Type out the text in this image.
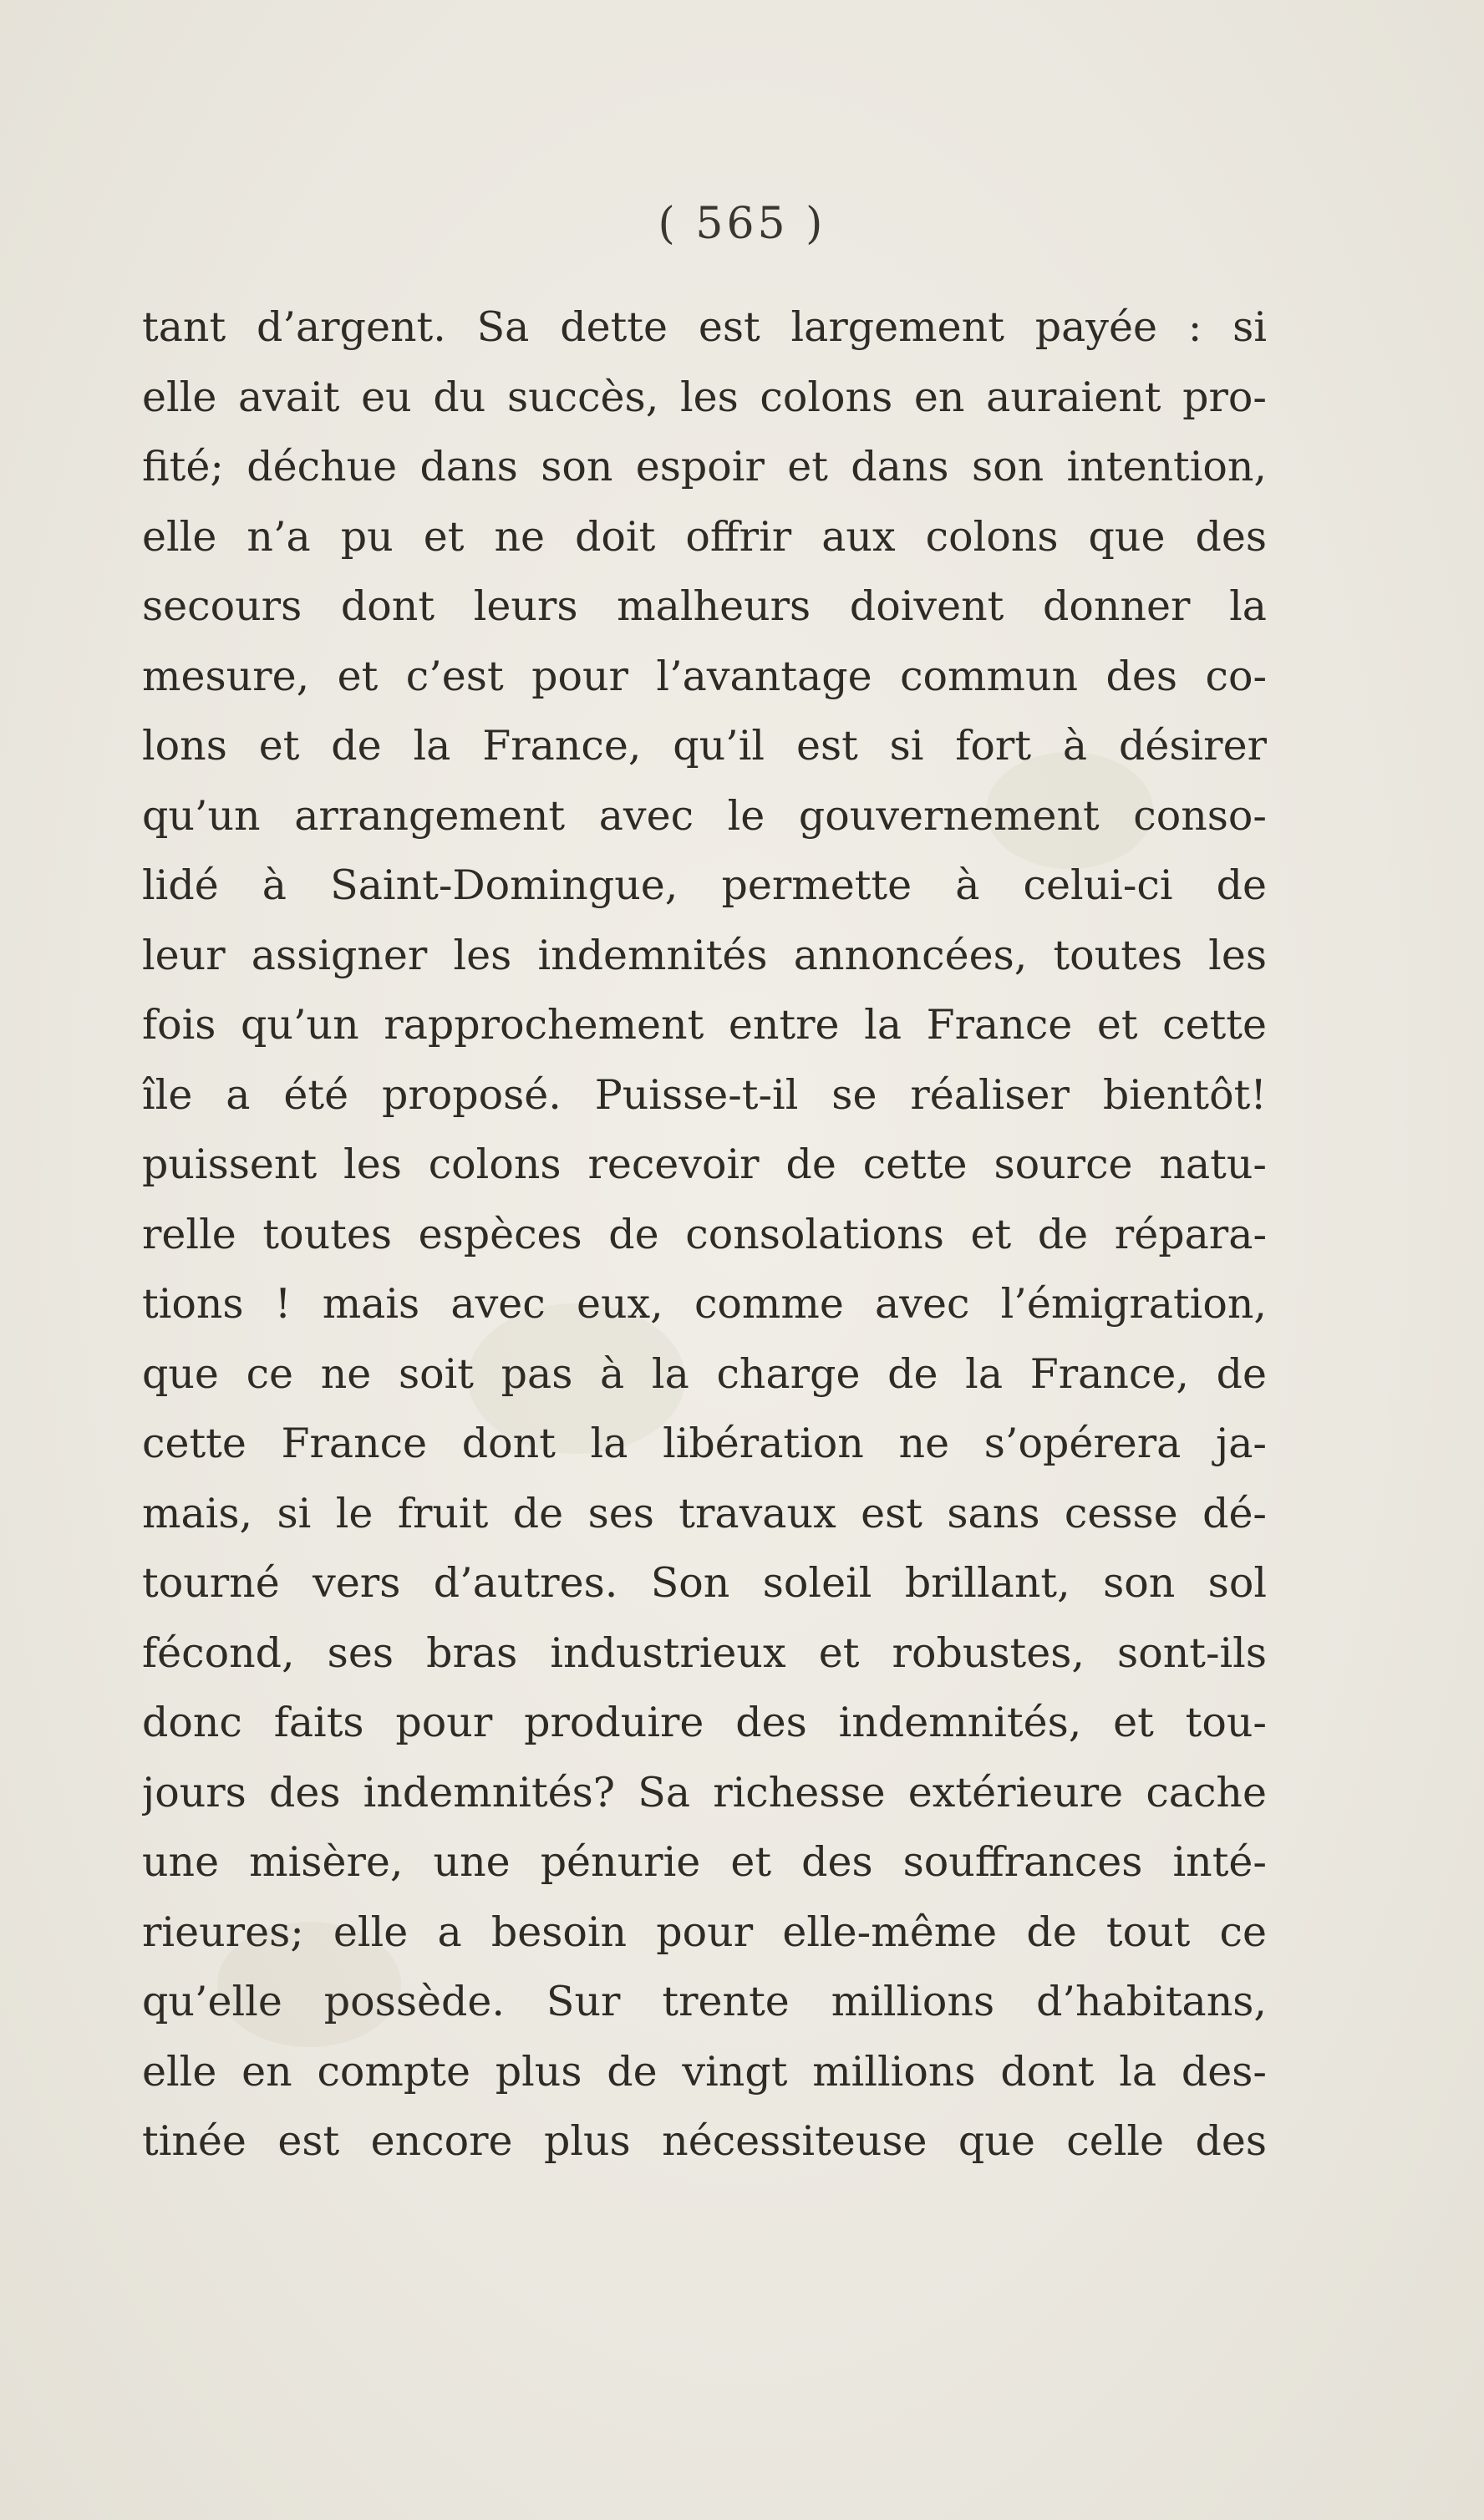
( 565 )
tant d’argent. Sa dette est largement payée : si
elle avait eu du succès, les colons en auraient pro-
fité; déchue dans son espoir et dans son intention,
elle n’a pu et ne doit offrir aux colons que des
secours dont leurs malheurs doivent donner la
mesure, et c’est pour l’avantage commun des co-
lons et de la France, qu’il est si fort à désirer
qu’un arrangement avec le gouvernement conso-
lidé à Saint-Domingue, permette à celui-ci de
leur assigner les indemnités annoncées, toutes les
fois qu’un rapprochement entre la France et cette
île a été proposé. Puisse-t-il se réaliser bientôt!
puissent les colons recevoir de cette source natu-
relle toutes espèces de consolations et de répara-
tions ! mais avec eux, comme avec l’émigration,
que ce ne soit pas à la charge de la France, de
cette France dont la libération ne s’opérera ja-
mais, si le fruit de ses travaux est sans cesse dé-
tourné vers d’autres. Son soleil brillant, son sol
fécond, ses bras industrieux et robustes, sont-ils
donc faits pour produire des indemnités, et tou-
jours des indemnités? Sa richesse extérieure cache
une misère, une pénurie et des souffrances inté-
rieures; elle a besoin pour elle-même de tout ce
qu’elle possède. Sur trente millions d’habitans,
elle en compte plus de vingt millions dont la des-
tinée est encore plus nécessiteuse que celle des
